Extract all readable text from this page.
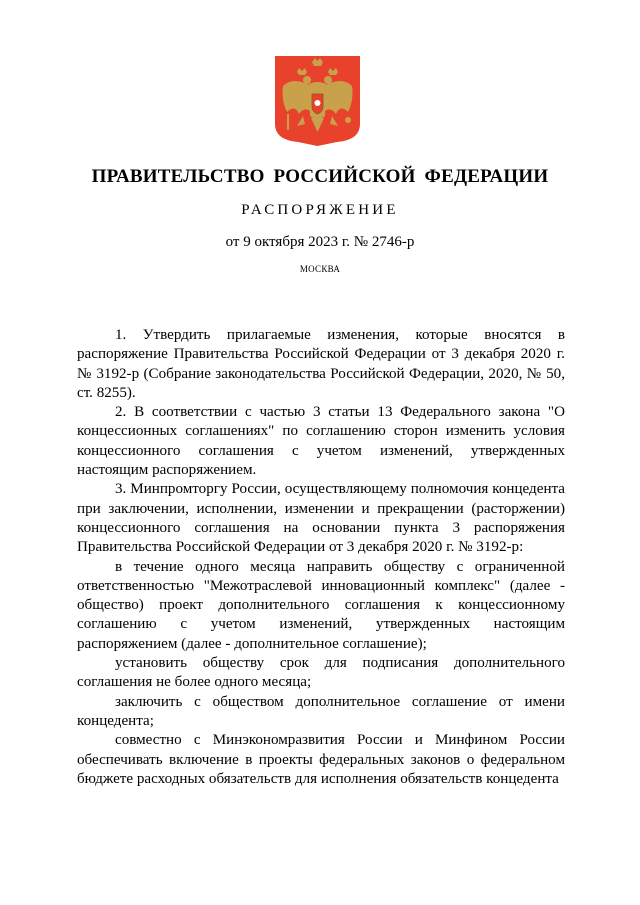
ПРАВИТЕЛЬСТВО РОССИЙСКОЙ ФЕДЕРАЦИИ
РАСПОРЯЖЕНИЕ
от 9 октября 2023 г. № 2746-р
МОСКВА

1. Утвердить прилагаемые изменения, которые вносятся в распоряжение Правительства Российской Федерации от 3 декабря 2020 г. № 3192-р (Собрание законодательства Российской Федерации, 2020, № 50, ст. 8255).

2. В соответствии с частью 3 статьи 13 Федерального закона "О концессионных соглашениях" по соглашению сторон изменить условия концессионного соглашения с учетом изменений, утвержденных настоящим распоряжением.

3. Минпромторгу России, осуществляющему полномочия концедента при заключении, исполнении, изменении и прекращении (расторжении) концессионного соглашения на основании пункта 3 распоряжения Правительства Российской Федерации от 3 декабря 2020 г. № 3192-р:

в течение одного месяца направить обществу с ограниченной ответственностью "Межотраслевой инновационный комплекс" (далее - общество) проект дополнительного соглашения к концессионному соглашению с учетом изменений, утвержденных настоящим распоряжением (далее - дополнительное соглашение);

установить обществу срок для подписания дополнительного соглашения не более одного месяца;

заключить с обществом дополнительное соглашение от имени концедента;

совместно с Минэкономразвития России и Минфином России обеспечивать включение в проекты федеральных законов о федеральном бюджете расходных обязательств для исполнения обязательств концедента
